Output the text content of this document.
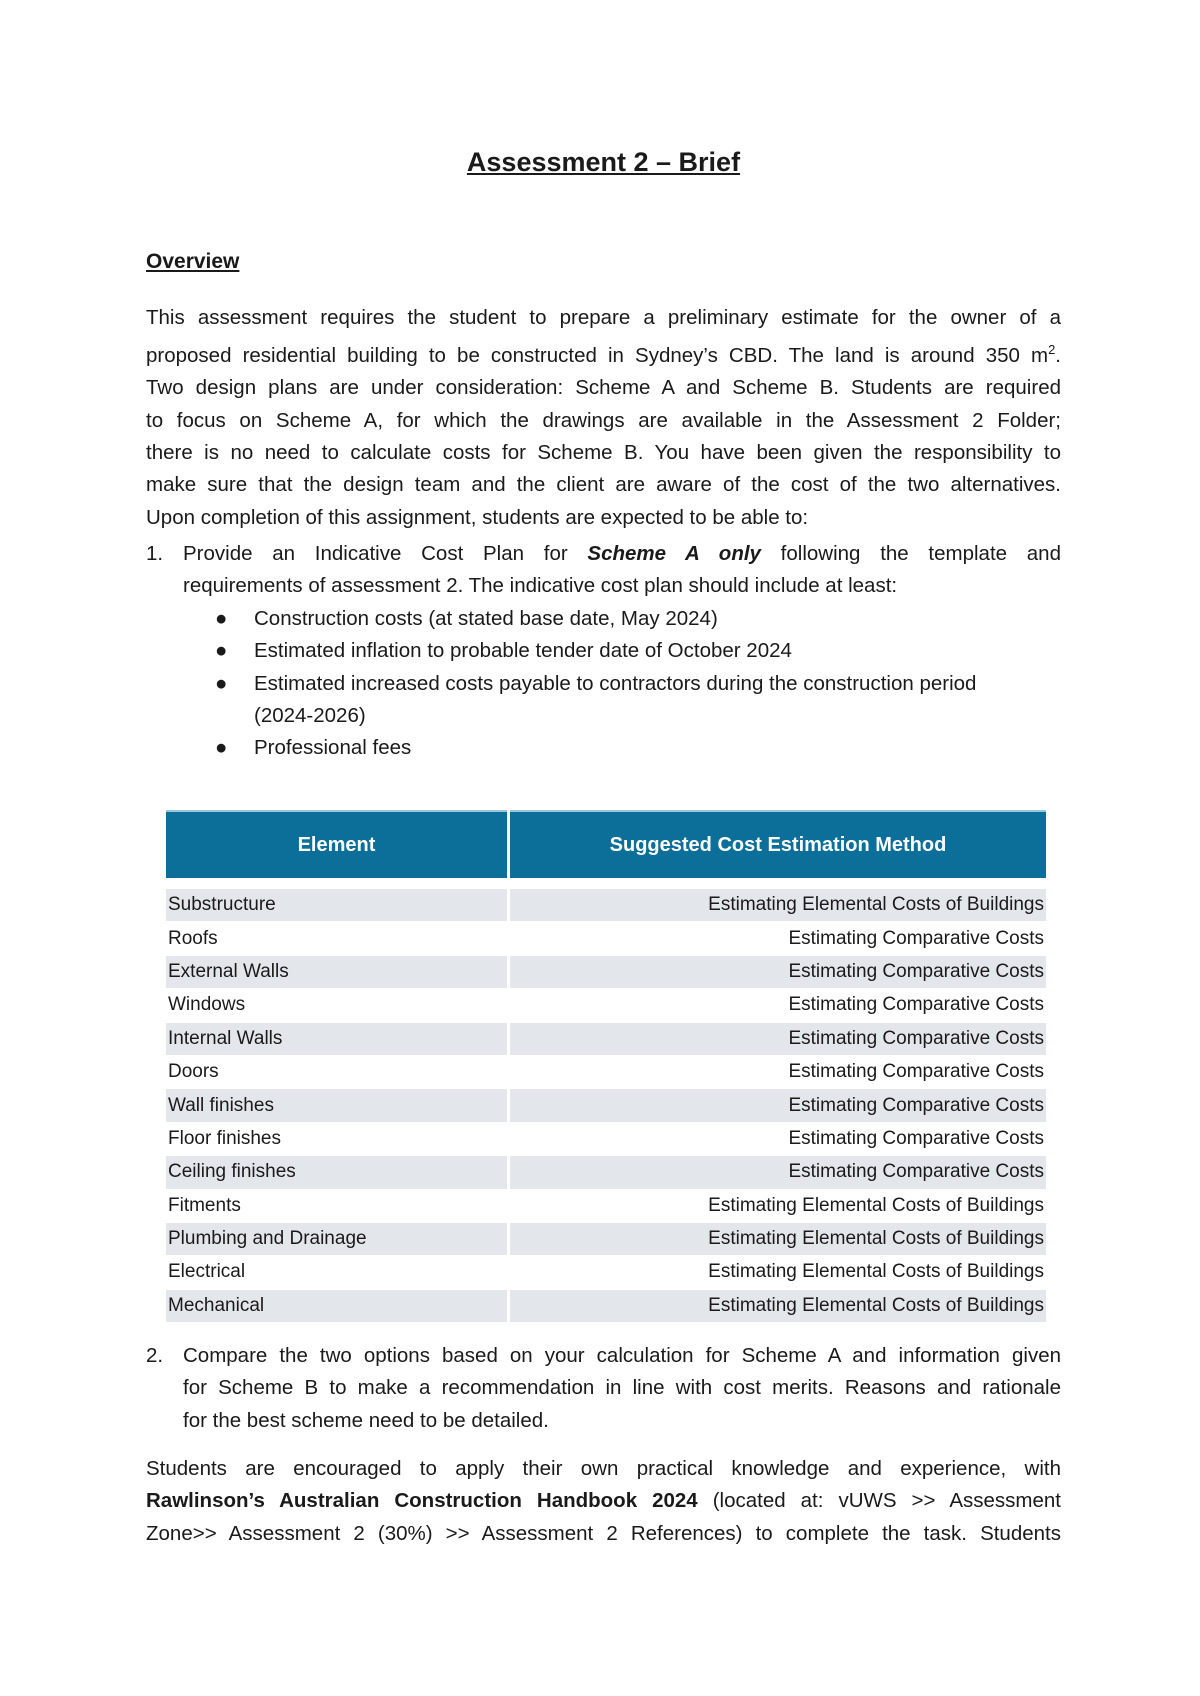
Assessment 2 – Brief
Overview
This assessment requires the student to prepare a preliminary estimate for the owner of a
proposed residential building to be constructed in Sydney’s CBD. The land is around 350 $m^2$.
Two design plans are under consideration: Scheme A and Scheme B. Students are required
to focus on Scheme A, for which the drawings are available in the Assessment 2 Folder;
there is no need to calculate costs for Scheme B. You have been given the responsibility to
make sure that the design team and the client are aware of the cost of the two alternatives.
Upon completion of this assignment, students are expected to be able to:
1. Provide an Indicative Cost Plan for Scheme A only following the template and
requirements of assessment 2. The indicative cost plan should include at least:
● Construction costs (at stated base date, May 2024)
● Estimated inflation to probable tender date of October 2024
● Estimated increased costs payable to contractors during the construction period
(2024-2026)
● Professional fees
Element	Suggested Cost Estimation Method

Substructure	Estimating Elemental Costs of Buildings
Roofs	Estimating Comparative Costs
External Walls	Estimating Comparative Costs
Windows	Estimating Comparative Costs
Internal Walls	Estimating Comparative Costs
Doors	Estimating Comparative Costs
Wall finishes	Estimating Comparative Costs
Floor finishes	Estimating Comparative Costs
Ceiling finishes	Estimating Comparative Costs
Fitments	Estimating Elemental Costs of Buildings
Plumbing and Drainage	Estimating Elemental Costs of Buildings
Electrical	Estimating Elemental Costs of Buildings
Mechanical	Estimating Elemental Costs of Buildings
2. Compare the two options based on your calculation for Scheme A and information given
for Scheme B to make a recommendation in line with cost merits. Reasons and rationale
for the best scheme need to be detailed.
Students are encouraged to apply their own practical knowledge and experience, with
Rawlinson’s Australian Construction Handbook 2024 (located at: vUWS >> Assessment
Zone>> Assessment 2 (30%) >> Assessment 2 References) to complete the task. Students
